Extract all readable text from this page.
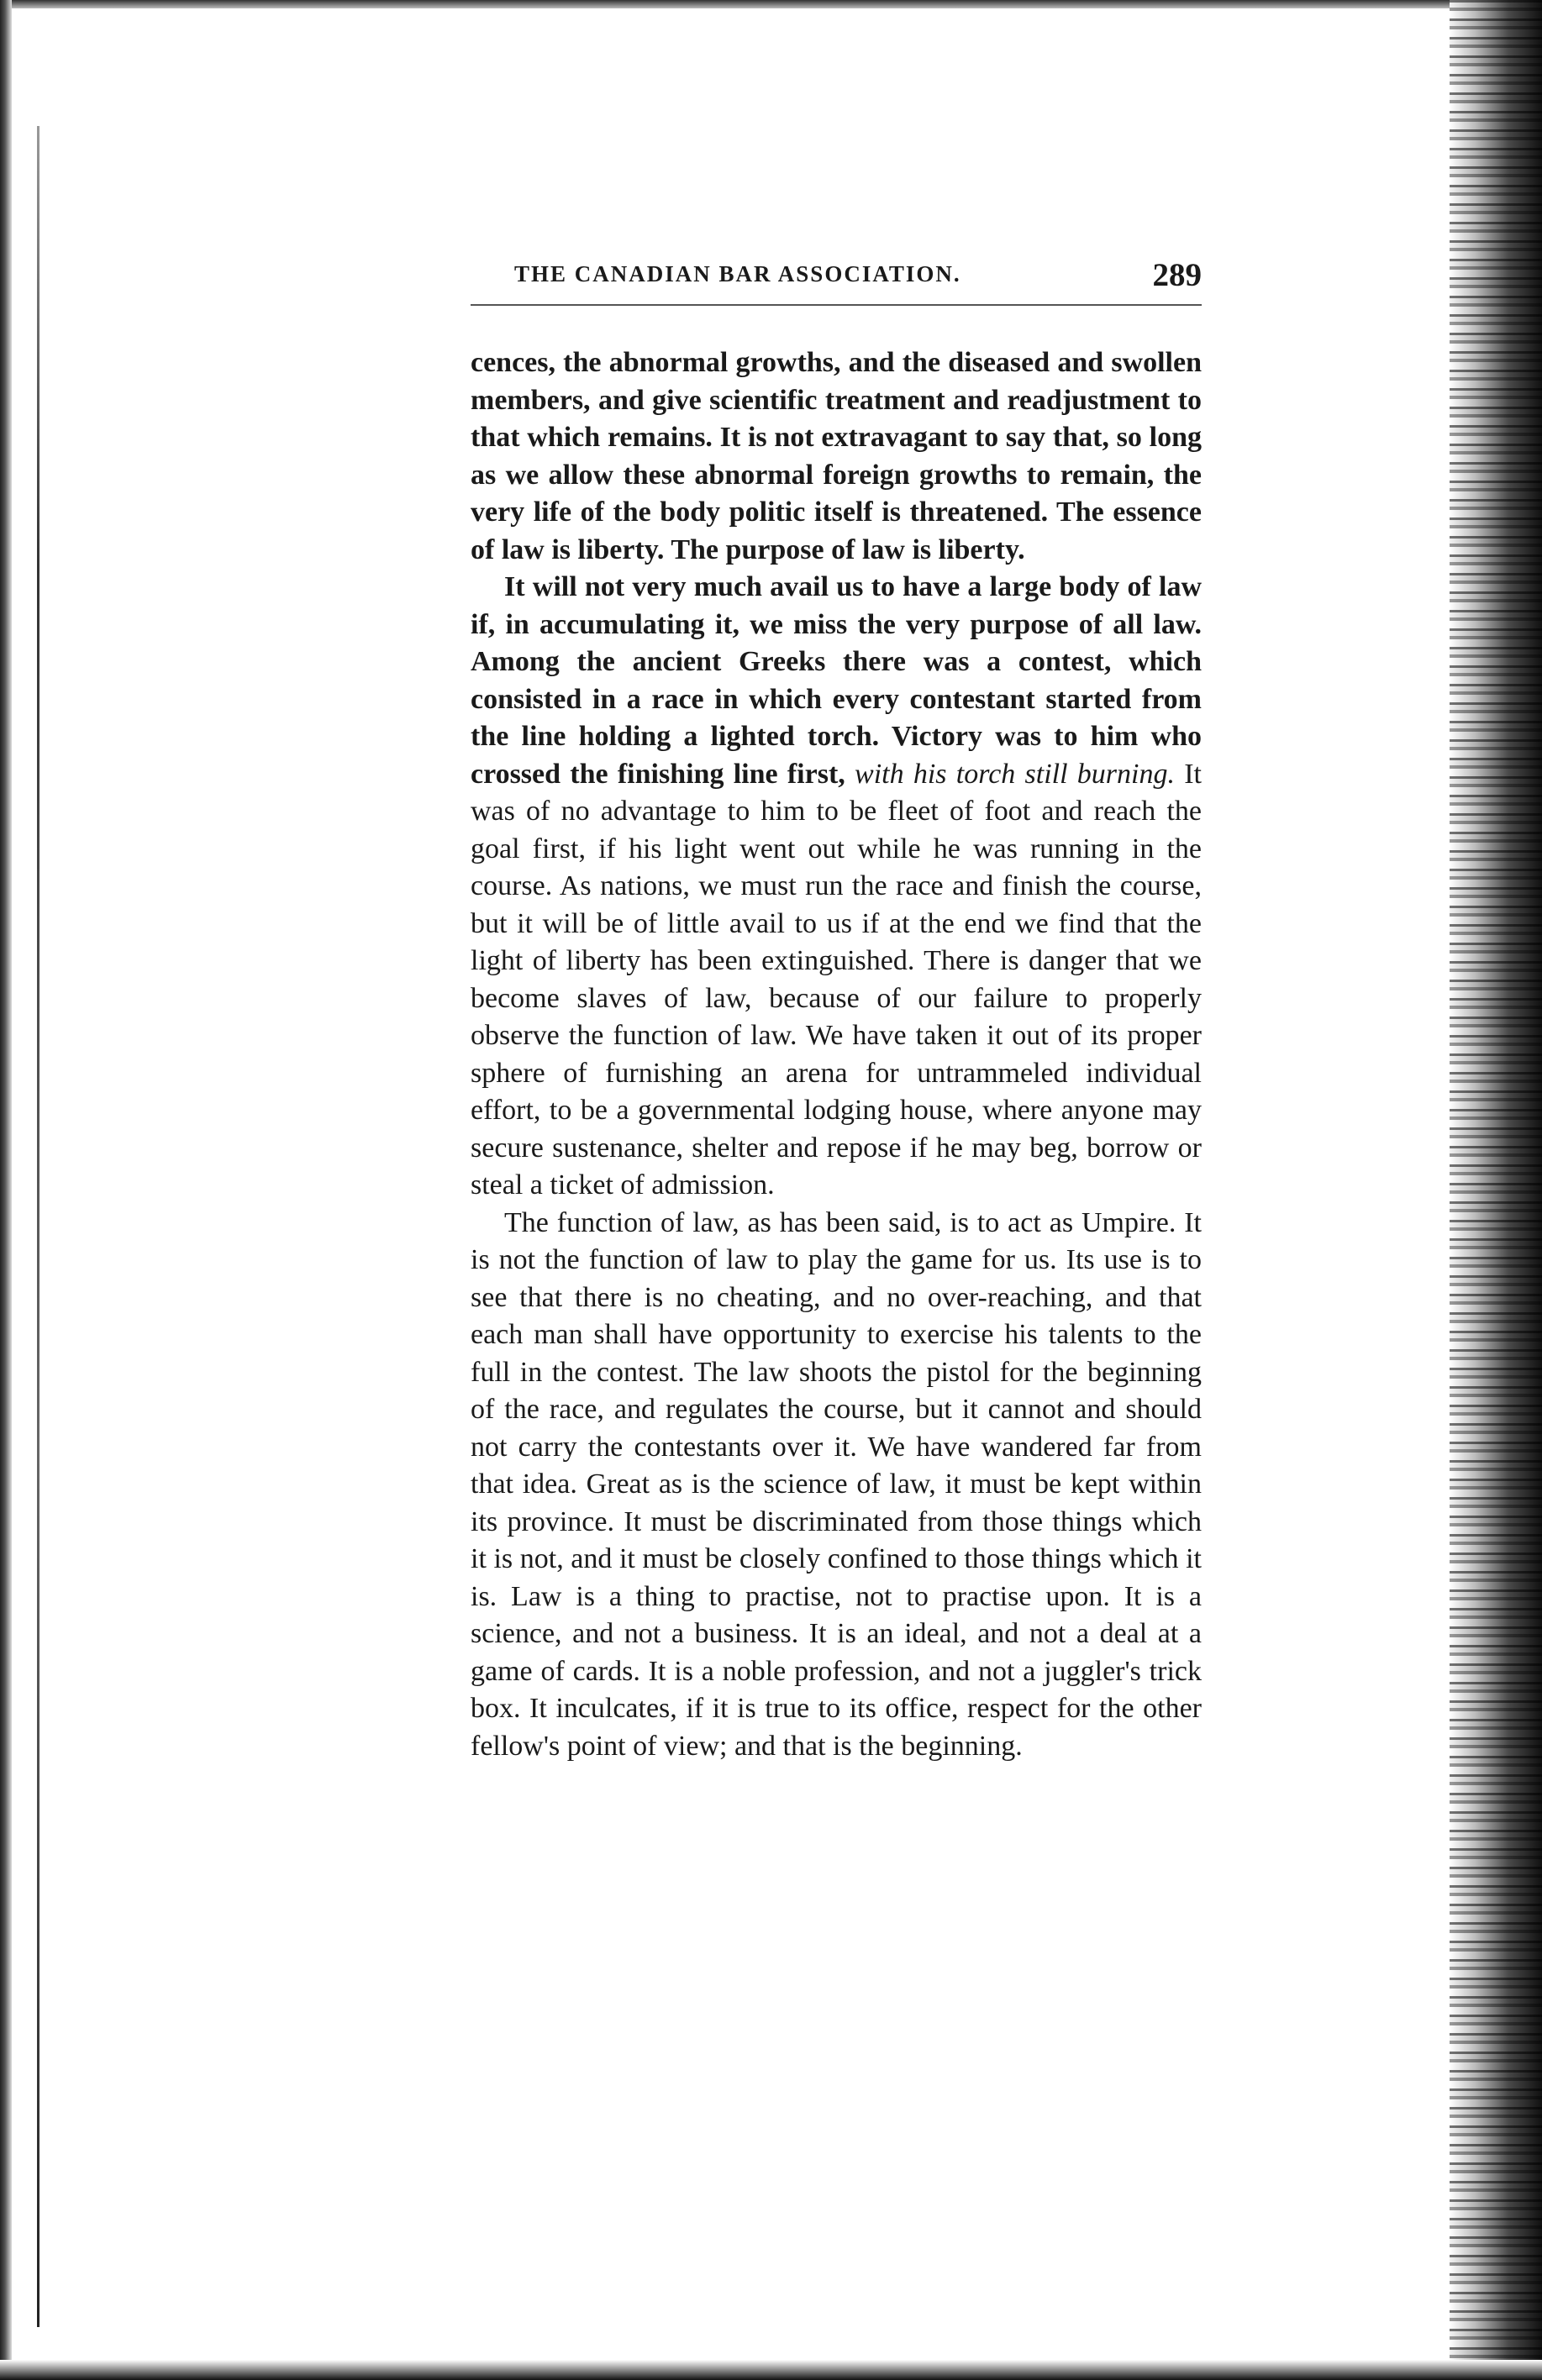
THE CANADIAN BAR ASSOCIATION.	289

cences, the abnormal growths, and the diseased and swollen members, and give scientific treatment and readjustment to that which remains. It is not extravagant to say that, so long as we allow these abnormal foreign growths to remain, the very life of the body politic itself is threatened. The essence of law is liberty. The purpose of law is liberty.

It will not very much avail us to have a large body of law if, in accumulating it, we miss the very purpose of all law. Among the ancient Greeks there was a contest, which consisted in a race in which every contestant started from the line holding a lighted torch. Victory was to him who crossed the finishing line first, with his torch still burning. It was of no advantage to him to be fleet of foot and reach the goal first, if his light went out while he was running in the course. As nations, we must run the race and finish the course, but it will be of little avail to us if at the end we find that the light of liberty has been extinguished. There is danger that we become slaves of law, because of our failure to properly observe the function of law. We have taken it out of its proper sphere of furnishing an arena for untrammeled individual effort, to be a governmental lodging house, where anyone may secure sustenance, shelter and repose if he may beg, borrow or steal a ticket of admission.

The function of law, as has been said, is to act as Umpire. It is not the function of law to play the game for us. Its use is to see that there is no cheating, and no over-reaching, and that each man shall have opportunity to exercise his talents to the full in the contest. The law shoots the pistol for the beginning of the race, and regulates the course, but it cannot and should not carry the contestants over it. We have wandered far from that idea. Great as is the science of law, it must be kept within its province. It must be discriminated from those things which it is not, and it must be closely confined to those things which it is. Law is a thing to practise, not to practise upon. It is a science, and not a business. It is an ideal, and not a deal at a game of cards. It is a noble profession, and not a juggler's trick box. It inculcates, if it is true to its office, respect for the other fellow's point of view; and that is the beginning.
